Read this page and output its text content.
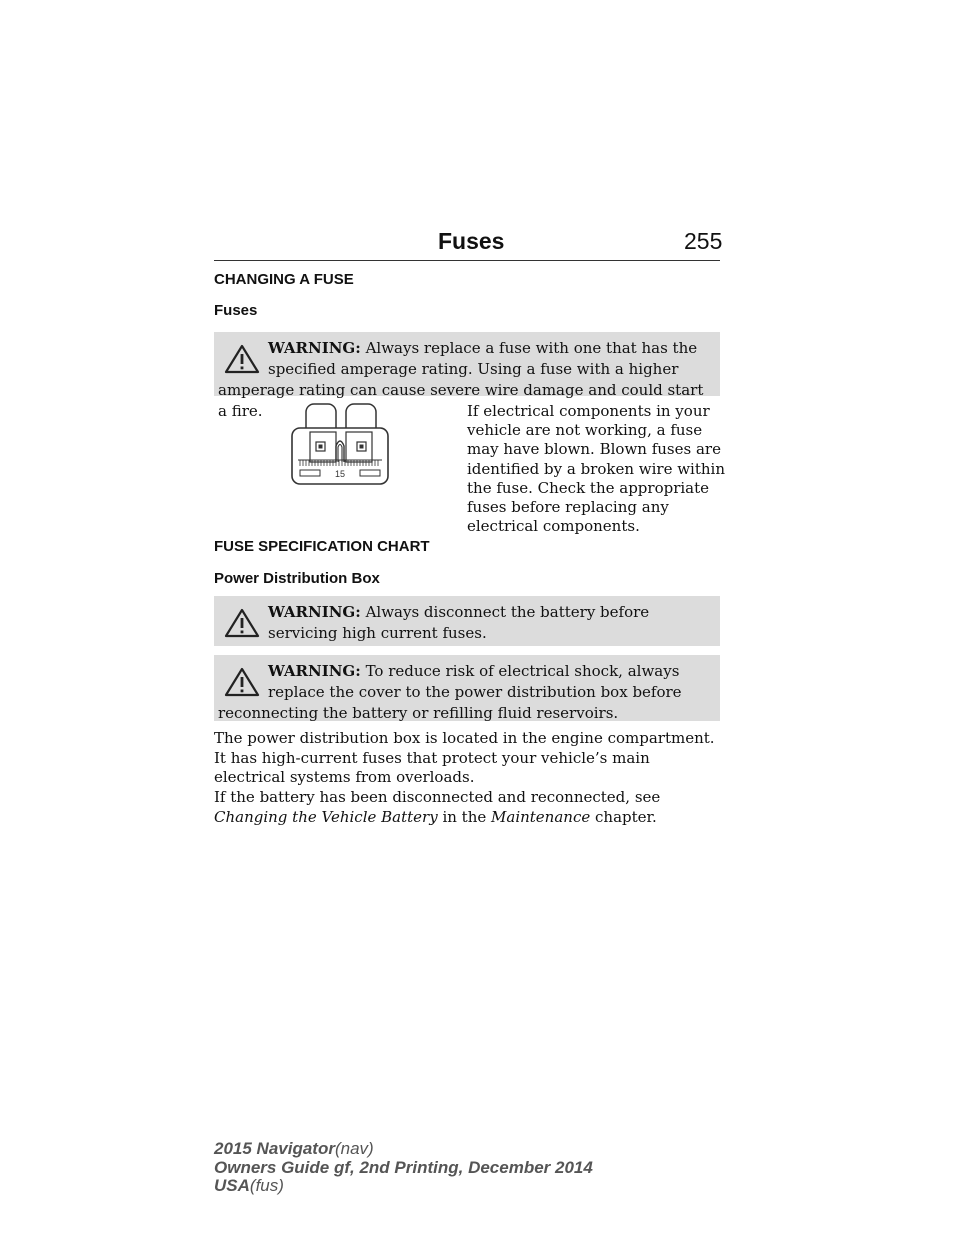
Fuses	255
CHANGING A FUSE
Fuses
WARNING: Always replace a fuse with one that has the specified amperage rating. Using a fuse with a higher amperage rating can cause severe wire damage and could start a fire.
15
If electrical components in your vehicle are not working, a fuse may have blown. Blown fuses are identified by a broken wire within the fuse. Check the appropriate fuses before replacing any electrical components.
FUSE SPECIFICATION CHART
Power Distribution Box
WARNING: Always disconnect the battery before servicing high current fuses.
WARNING: To reduce risk of electrical shock, always replace the cover to the power distribution box before reconnecting the battery or refilling fluid reservoirs.
The power distribution box is located in the engine compartment. It has high-current fuses that protect your vehicle’s main electrical systems from overloads.
If the battery has been disconnected and reconnected, see Changing the Vehicle Battery in the Maintenance chapter.
2015 Navigator(nav)
Owners Guide gf, 2nd Printing, December 2014
USA(fus)
